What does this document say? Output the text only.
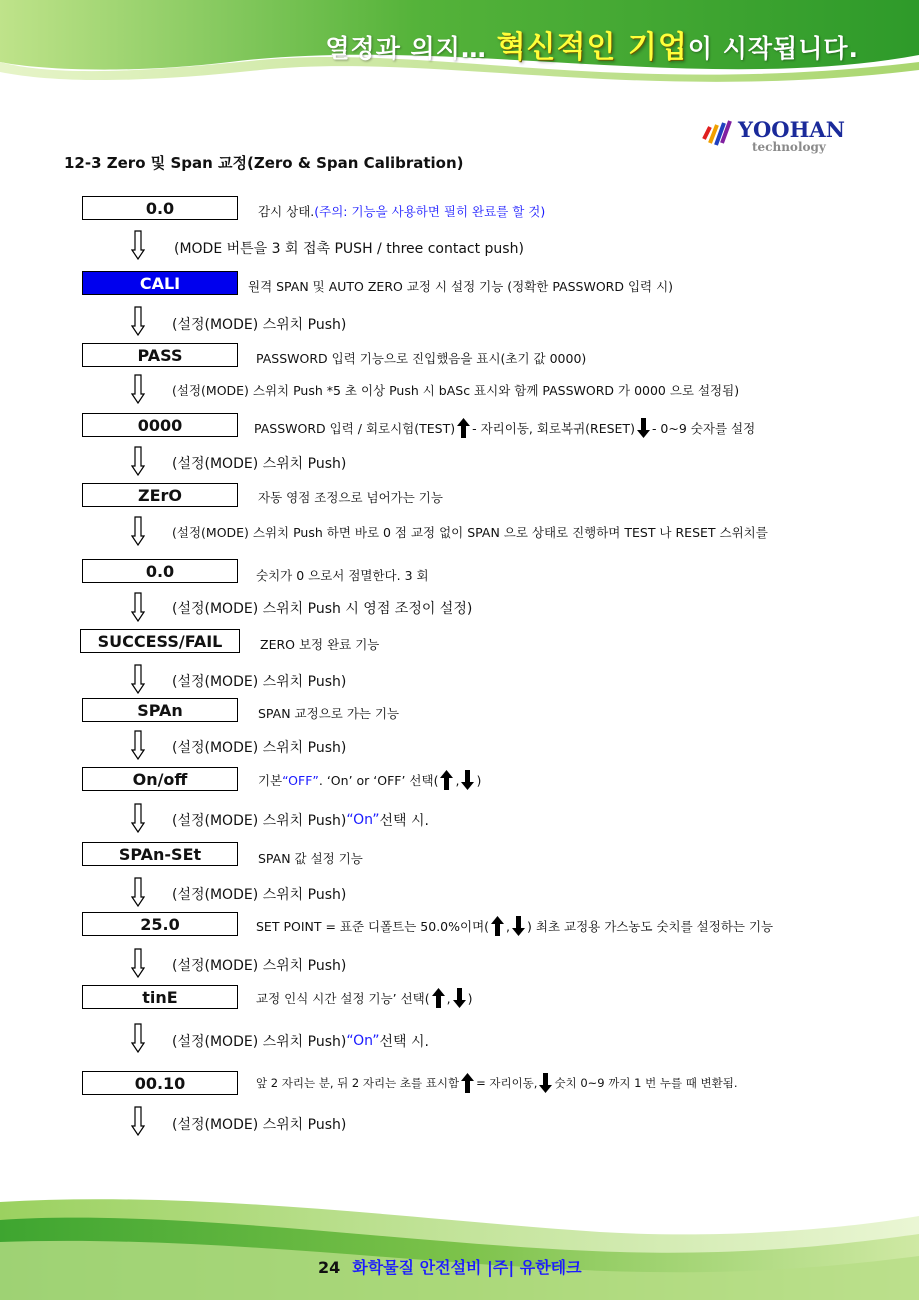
열정과 의지… 혁신적인 기업이 시작됩니다.
YOOHAN
technology
12-3 Zero 및 Span 교정(Zero & Span Calibration)
0.0	감시 상태. (주의: 기능을 사용하면 필히 완료를 할 것)
(MODE 버튼을 3 회 접촉 PUSH / three contact push)
CALI	원격 SPAN 및 AUTO ZERO 교정 시 설정 기능 (정확한 PASSWORD 입력 시)
(설정(MODE) 스위치 Push)
PASS	PASSWORD 입력 기능으로 진입했음을 표시(초기 값 0000)
(설정(MODE) 스위치 Push *5 초 이상 Push 시 bASc 표시와 함께 PASSWORD 가 0000 으로 설정됨)
0000	PASSWORD 입력 / 회로시험(TEST) - 자리이동, 회로복귀(RESET) - 0~9 숫자를 설정
(설정(MODE) 스위치 Push)
ZErO	자동 영점 조정으로 넘어가는 기능
(설정(MODE) 스위치 Push 하면 바로 0 점 교정 없이 SPAN 으로 상태로 진행하며 TEST 나 RESET 스위치를
0.0	숫치가 0 으로서 점멸한다. 3 회
(설정(MODE) 스위치 Push 시 영점 조정이 설정)
SUCCESS/FAIL	ZERO 보정 완료 기능
(설정(MODE) 스위치 Push)
SPAn	SPAN 교정으로 가는 기능
(설정(MODE) 스위치 Push)
On/off	기본 “OFF” . ‘On’ or ‘OFF’ 선택( , )
(설정(MODE) 스위치 Push) “On” 선택 시.
SPAn-SEt	SPAN 값 설정 기능
(설정(MODE) 스위치 Push)
25.0	SET POINT = 표준 디폴트는 50.0%이며( , ) 최초 교정용 가스농도 숫치를 설정하는 기능
(설정(MODE) 스위치 Push)
tinE	교정 인식 시간 설정 기능’ 선택( , )
(설정(MODE) 스위치 Push) “On” 선택 시.
00.10	앞 2 자리는 분, 뒤 2 자리는 초를 표시함 = 자리이동, 숫치 0~9 까지 1 번 누를 때 변환됨.
(설정(MODE) 스위치 Push)
24 화학물질 안전설비 |주| 유한테크
